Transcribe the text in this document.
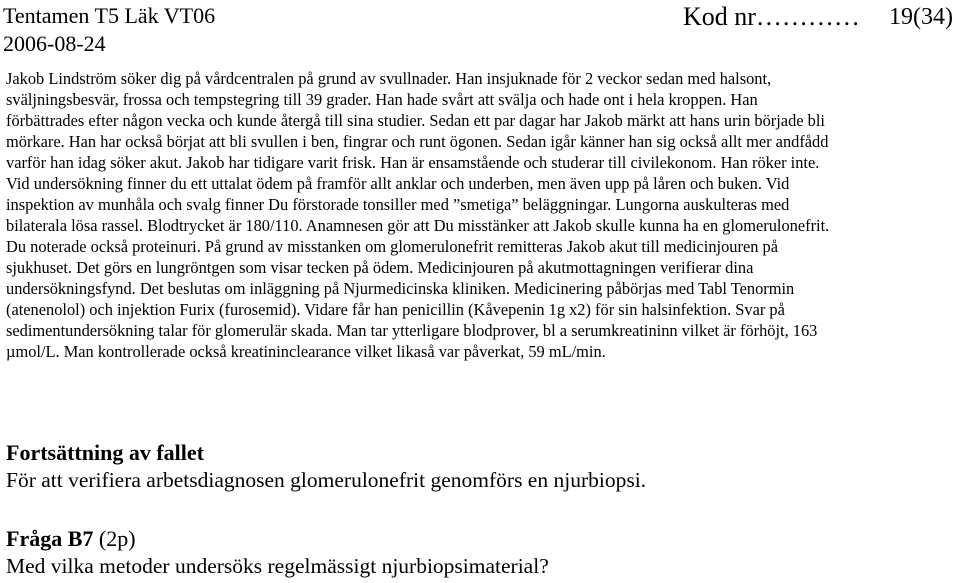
Tentamen T5 Läk VT06
2006-08-24
Kod nr………… 19(34)
Jakob Lindström söker dig på vårdcentralen på grund av svullnader. Han insjuknade för 2 veckor sedan med halsont,
sväljningsbesvär, frossa och tempstegring till 39 grader. Han hade svårt att svälja och hade ont i hela kroppen. Han
förbättrades efter någon vecka och kunde återgå till sina studier. Sedan ett par dagar har Jakob märkt att hans urin började bli
mörkare. Han har också börjat att bli svullen i ben, fingrar och runt ögonen. Sedan igår känner han sig också allt mer andfådd
varför han idag söker akut. Jakob har tidigare varit frisk. Han är ensamstående och studerar till civilekonom. Han röker inte.
Vid undersökning finner du ett uttalat ödem på framför allt anklar och underben, men även upp på låren och buken. Vid
inspektion av munhåla och svalg finner Du förstorade tonsiller med ”smetiga” beläggningar. Lungorna auskulteras med
bilaterala lösa rassel. Blodtrycket är 180/110. Anamnesen gör att Du misstänker att Jakob skulle kunna ha en glomerulonefrit.
Du noterade också proteinuri. På grund av misstanken om glomerulonefrit remitteras Jakob akut till medicinjouren på
sjukhuset. Det görs en lungröntgen som visar tecken på ödem. Medicinjouren på akutmottagningen verifierar dina
undersökningsfynd. Det beslutas om inläggning på Njurmedicinska kliniken. Medicinering påbörjas med Tabl Tenormin
(atenenolol) och injektion Furix (furosemid). Vidare får han penicillin (Kåvepenin 1g x2) för sin halsinfektion. Svar på
sedimentundersökning talar för glomerulär skada. Man tar ytterligare blodprover, bl a serumkreatininn vilket är förhöjt, 163
µmol/L. Man kontrollerade också kreatininclearance vilket likaså var påverkat, 59 mL/min.
Fortsättning av fallet
För att verifiera arbetsdiagnosen glomerulonefrit genomförs en njurbiopsi.
Fråga B7 (2p)
Med vilka metoder undersöks regelmässigt njurbiopsimaterial?
